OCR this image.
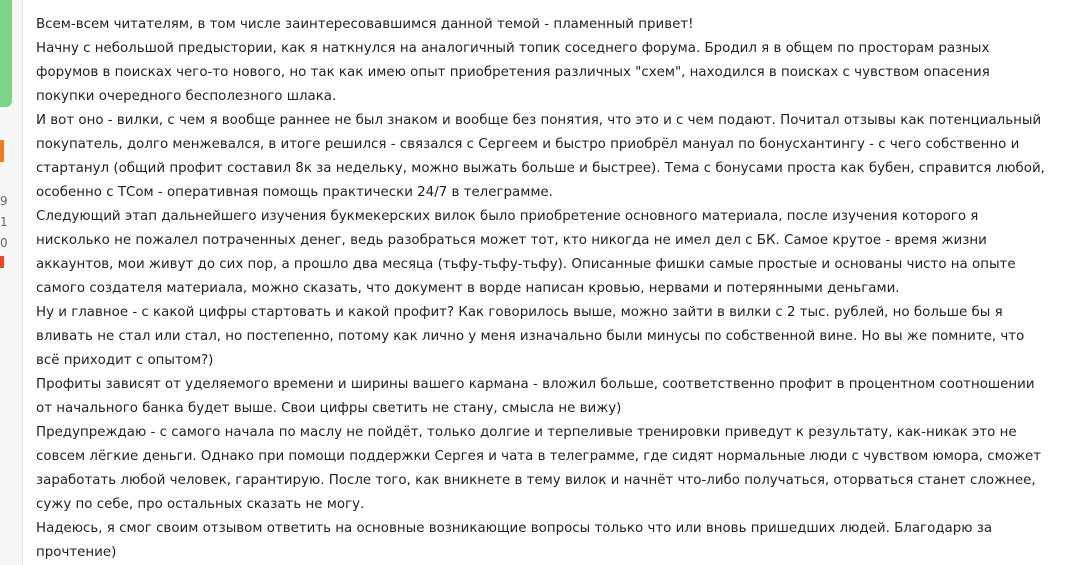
9
1
0

Всем-всем читателям, в том числе заинтересовавшимся данной темой - пламенный привет!

Начну с небольшой предыстории, как я наткнулся на аналогичный топик соседнего форума. Бродил я в общем по просторам разных форумов в поисках чего-то нового, но так как имею опыт приобретения различных "схем", находился в поисках с чувством опасения покупки очередного бесполезного шлака.

И вот оно - вилки, с чем я вообще раннее не был знаком и вообще без понятия, что это и с чем подают. Почитал отзывы как потенциальный покупатель, долго менжевался, в итоге решился - связался с Сергеем и быстро приобрёл мануал по бонусхантингу - с чего собственно и стартанул (общий профит составил 8к за недельку, можно выжать больше и быстрее). Тема с бонусами проста как бубен, справится любой, особенно с ТСом - оперативная помощь практически 24/7 в телеграмме.

Следующий этап дальнейшего изучения букмекерских вилок было приобретение основного материала, после изучения которого я нисколько не пожалел потраченных денег, ведь разобраться может тот, кто никогда не имел дел с БК. Самое крутое - время жизни аккаунтов, мои живут до сих пор, а прошло два месяца (тьфу-тьфу-тьфу). Описанные фишки самые простые и основаны чисто на опыте самого создателя материала, можно сказать, что документ в ворде написан кровью, нервами и потерянными деньгами.

Ну и главное - с какой цифры стартовать и какой профит? Как говорилось выше, можно зайти в вилки с 2 тыс. рублей, но больше бы я вливать не стал или стал, но постепенно, потому как лично у меня изначально были минусы по собственной вине. Но вы же помните, что всё приходит с опытом?)

Профиты зависят от уделяемого времени и ширины вашего кармана - вложил больше, соответственно профит в процентном соотношении от начального банка будет выше. Свои цифры светить не стану, смысла не вижу)

Предупреждаю - с самого начала по маслу не пойдёт, только долгие и терпеливые тренировки приведут к результату, как-никак это не совсем лёгкие деньги. Однако при помощи поддержки Сергея и чата в телеграмме, где сидят нормальные люди с чувством юмора, сможет заработать любой человек, гарантирую. После того, как вникнете в тему вилок и начнёт что-либо получаться, оторваться станет сложнее, сужу по себе, про остальных сказать не могу.

Надеюсь, я смог своим отзывом ответить на основные возникающие вопросы только что или вновь пришедших людей. Благодарю за прочтение)
